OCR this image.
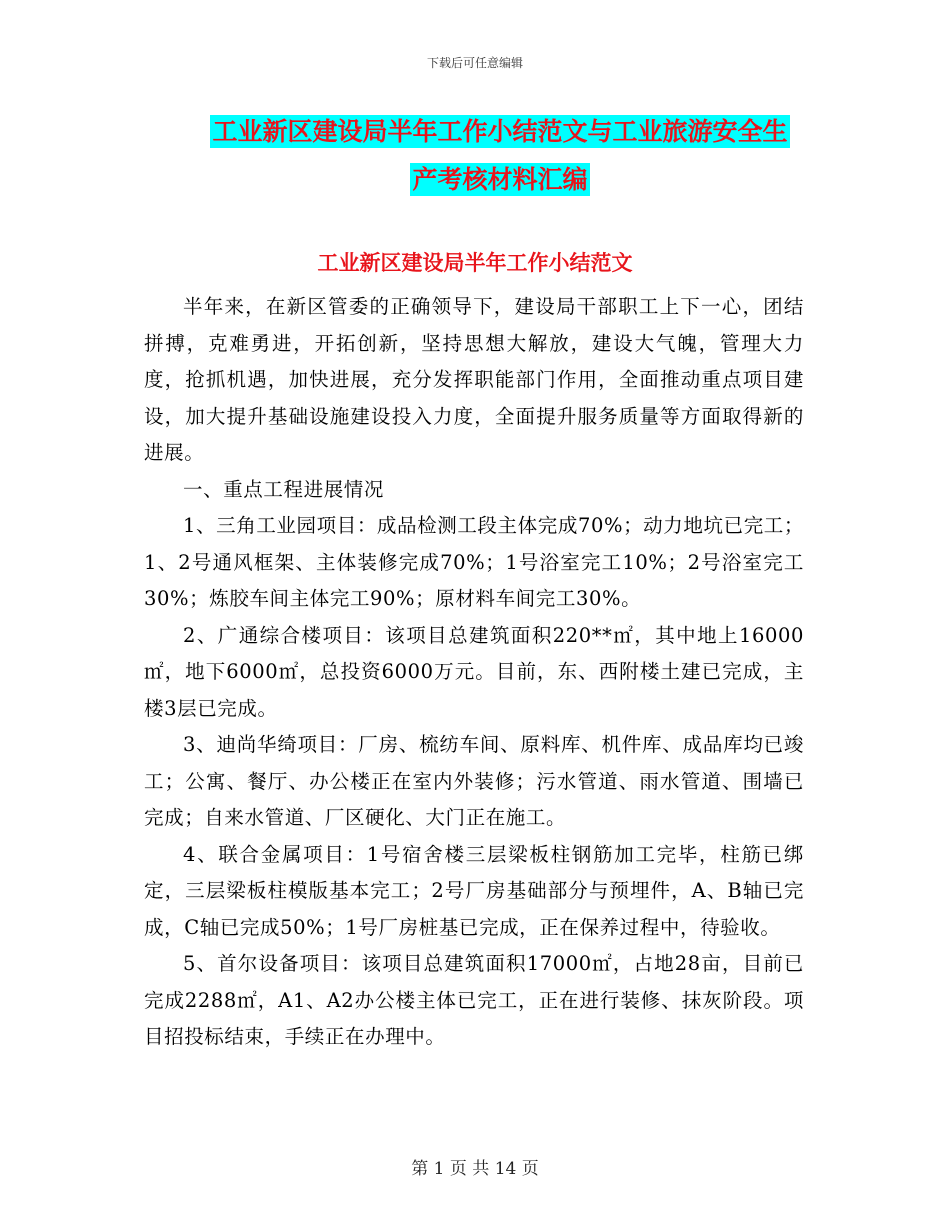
下载后可任意编辑
工业新区建设局半年工作小结范文与工业旅游安全生
产考核材料汇编
工业新区建设局半年工作小结范文

半年来，在新区管委的正确领导下，建设局干部职工上下一心，团结拼搏，克难勇进，开拓创新，坚持思想大解放，建设大气魄，管理大力度，抢抓机遇，加快进展，充分发挥职能部门作用，全面推动重点项目建设，加大提升基础设施建设投入力度，全面提升服务质量等方面取得新的进展。

一、重点工程进展情况

1、三角工业园项目：成品检测工段主体完成70%；动力地坑已完工；1、2号通风框架、主体装修完成70%；1号浴室完工10%；2号浴室完工30%；炼胶车间主体完工90%；原材料车间完工30%。

2、广通综合楼项目：该项目总建筑面积220**㎡，其中地上16000㎡，地下6000㎡，总投资6000万元。目前，东、西附楼土建已完成，主楼3层已完成。

3、迪尚华绮项目：厂房、梳纺车间、原料库、机件库、成品库均已竣工；公寓、餐厅、办公楼正在室内外装修；污水管道、雨水管道、围墙已完成；自来水管道、厂区硬化、大门正在施工。

4、联合金属项目：1号宿舍楼三层梁板柱钢筋加工完毕，柱筋已绑定，三层梁板柱模版基本完工；2号厂房基础部分与预埋件，A、B轴已完成，C轴已完成50%；1号厂房桩基已完成，正在保养过程中，待验收。

5、首尔设备项目：该项目总建筑面积17000㎡，占地28亩，目前已完成2288㎡，A1、A2办公楼主体已完工，正在进行装修、抹灰阶段。项目招投标结束，手续正在办理中。

第 1 页 共 14 页
